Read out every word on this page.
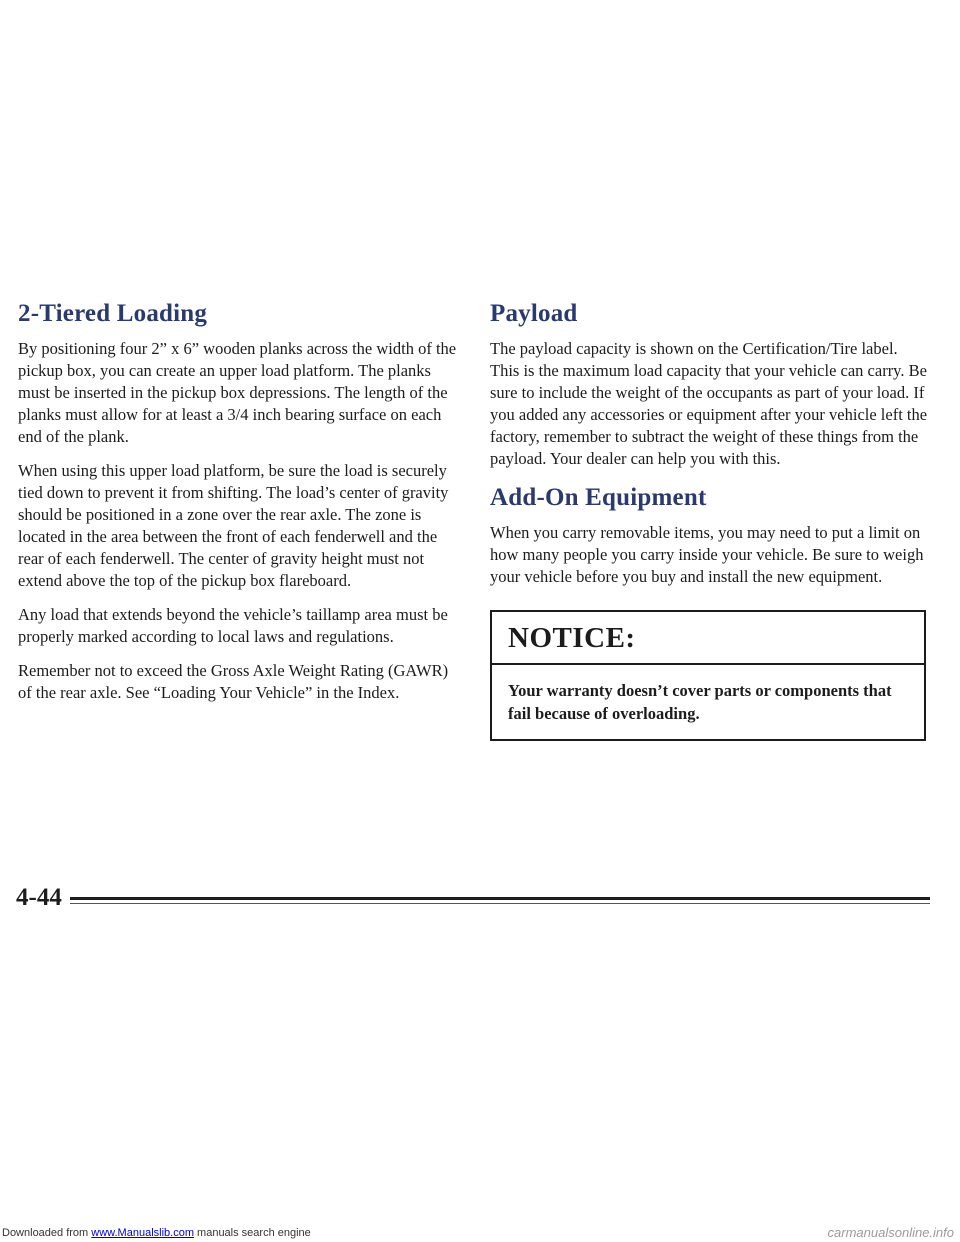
2-Tiered Loading

By positioning four 2” x 6” wooden planks across the width of the pickup box, you can create an upper load platform. The planks must be inserted in the pickup box depressions. The length of the planks must allow for at least a 3/4 inch bearing surface on each end of the plank.

When using this upper load platform, be sure the load is securely tied down to prevent it from shifting. The load’s center of gravity should be positioned in a zone over the rear axle. The zone is located in the area between the front of each fenderwell and the rear of each fenderwell. The center of gravity height must not extend above the top of the pickup box flareboard.

Any load that extends beyond the vehicle’s taillamp area must be properly marked according to local laws and regulations.

Remember not to exceed the Gross Axle Weight Rating (GAWR) of the rear axle. See “Loading Your Vehicle” in the Index.

Payload

The payload capacity is shown on the Certification/Tire label. This is the maximum load capacity that your vehicle can carry. Be sure to include the weight of the occupants as part of your load. If you added any accessories or equipment after your vehicle left the factory, remember to subtract the weight of these things from the payload. Your dealer can help you with this.

Add-On Equipment

When you carry removable items, you may need to put a limit on how many people you carry inside your vehicle. Be sure to weigh your vehicle before you buy and install the new equipment.

NOTICE:
Your warranty doesn’t cover parts or components that fail because of overloading.
4-44
Downloaded from www.Manualslib.com manuals search engine	carmanualsonline.info
